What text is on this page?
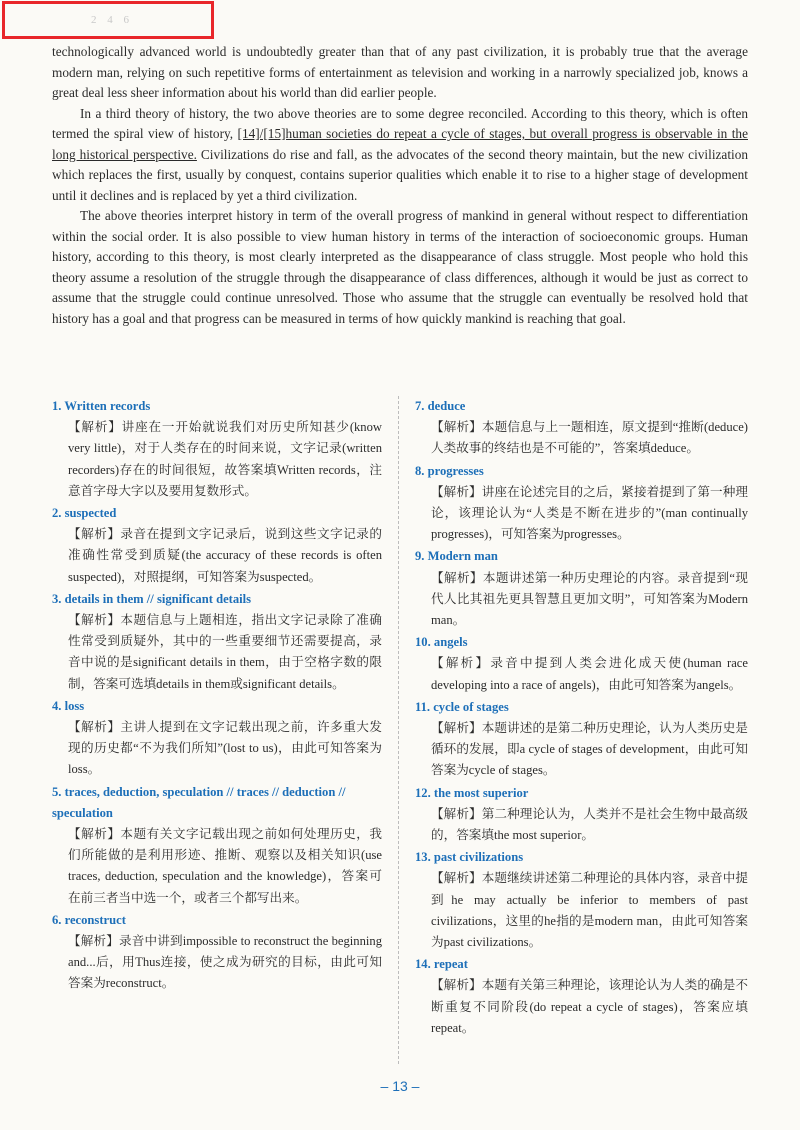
2 4 6

technologically advanced world is undoubtedly greater than that of any past civilization, it is probably true that the average modern man, relying on such repetitive forms of entertainment as television and working in a narrowly specialized job, knows a great deal less sheer information about his world than did earlier people.

In a third theory of history, the two above theories are to some degree reconciled. According to this theory, which is often termed the spiral view of history, [14]/[15]human societies do repeat a cycle of stages, but overall progress is observable in the long historical perspective. Civilizations do rise and fall, as the advocates of the second theory maintain, but the new civilization which replaces the first, usually by conquest, contains superior qualities which enable it to rise to a higher stage of development until it declines and is replaced by yet a third civilization.

The above theories interpret history in term of the overall progress of mankind in general without respect to differentiation within the social order. It is also possible to view human history in terms of the interaction of socioeconomic groups. Human history, according to this theory, is most clearly interpreted as the disappearance of class struggle. Most people who hold this theory assume a resolution of the struggle through the disappearance of class differences, although it would be just as correct to assume that the struggle could continue unresolved. Those who assume that the struggle can eventually be resolved hold that history has a goal and that progress can be measured in terms of how quickly mankind is reaching that goal.

1. Written records

【解析】讲座在一开始就说我们对历史所知甚少(know very little)，对于人类存在的时间来说，文字记录(written recorders)存在的时间很短，故答案填Written records，注意首字母大字以及要用复数形式。

2. suspected

【解析】录音在提到文字记录后，说到这些文字记录的准确性常受到质疑(the accuracy of these records is often suspected)，对照提纲，可知答案为suspected。

3. details in them // significant details

【解析】本题信息与上题相连，指出文字记录除了准确性常受到质疑外，其中的一些重要细节还需要提高，录音中说的是significant details in them，由于空格字数的限制，答案可选填details in them或significant details。

4. loss

【解析】主讲人提到在文字记载出现之前，许多重大发现的历史都“不为我们所知”(lost to us)，由此可知答案为loss。

5. traces, deduction, speculation // traces // deduction // speculation

【解析】本题有关文字记载出现之前如何处理历史，我们所能做的是利用形迹、推断、观察以及相关知识(use traces, deduction, speculation and the knowledge)，答案可在前三者当中选一个，或者三个都写出来。

6. reconstruct

【解析】录音中讲到impossible to reconstruct the beginning and...后，用Thus连接，使之成为研究的目标，由此可知答案为reconstruct。

7. deduce

【解析】本题信息与上一题相连，原文提到“推断(deduce)人类故事的终结也是不可能的”，答案填deduce。

8. progresses

【解析】讲座在论述完目的之后，紧接着提到了第一种理论，该理论认为“人类是不断在进步的”(man continually progresses)，可知答案为progresses。

9. Modern man

【解析】本题讲述第一种历史理论的内容。录音提到“现代人比其祖先更具智慧且更加文明”，可知答案为Modern man。

10. angels

【解析】录音中提到人类会进化成天使(human race developing into a race of angels)，由此可知答案为angels。

11. cycle of stages

【解析】本题讲述的是第二种历史理论，认为人类历史是循环的发展，即a cycle of stages of development，由此可知答案为cycle of stages。

12. the most superior

【解析】第二种理论认为，人类并不是社会生物中最高级的，答案填the most superior。

13. past civilizations

【解析】本题继续讲述第二种理论的具体内容，录音中提到he may actually be inferior to members of past civilizations，这里的he指的是modern man，由此可知答案为past civilizations。

14. repeat

【解析】本题有关第三种理论，该理论认为人类的确是不断重复不同阶段(do repeat a cycle of stages)，答案应填repeat。

– 13 –
